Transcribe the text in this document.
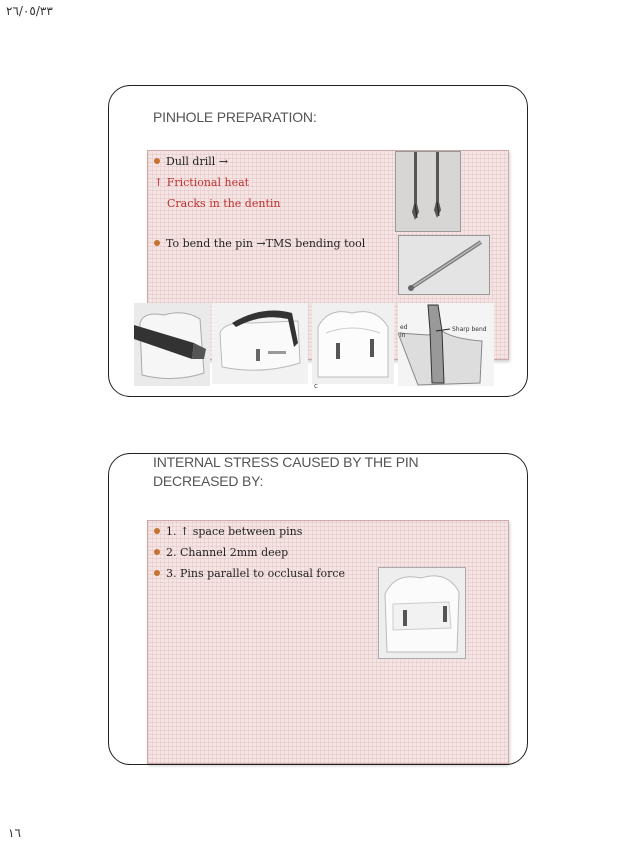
٢٦/٠٥/٣٣
PINHOLE PREPARATION:
Dull drill →
↑ Frictional heat
Cracks in the dentin
To bend the pin →TMS bending tool
c
ed
in
Sharp bend
INTERNAL STRESS CAUSED BY THE PIN
DECREASED BY:
1. ↑ space between pins
2. Channel 2mm deep
3. Pins parallel to occlusal force
١٦
